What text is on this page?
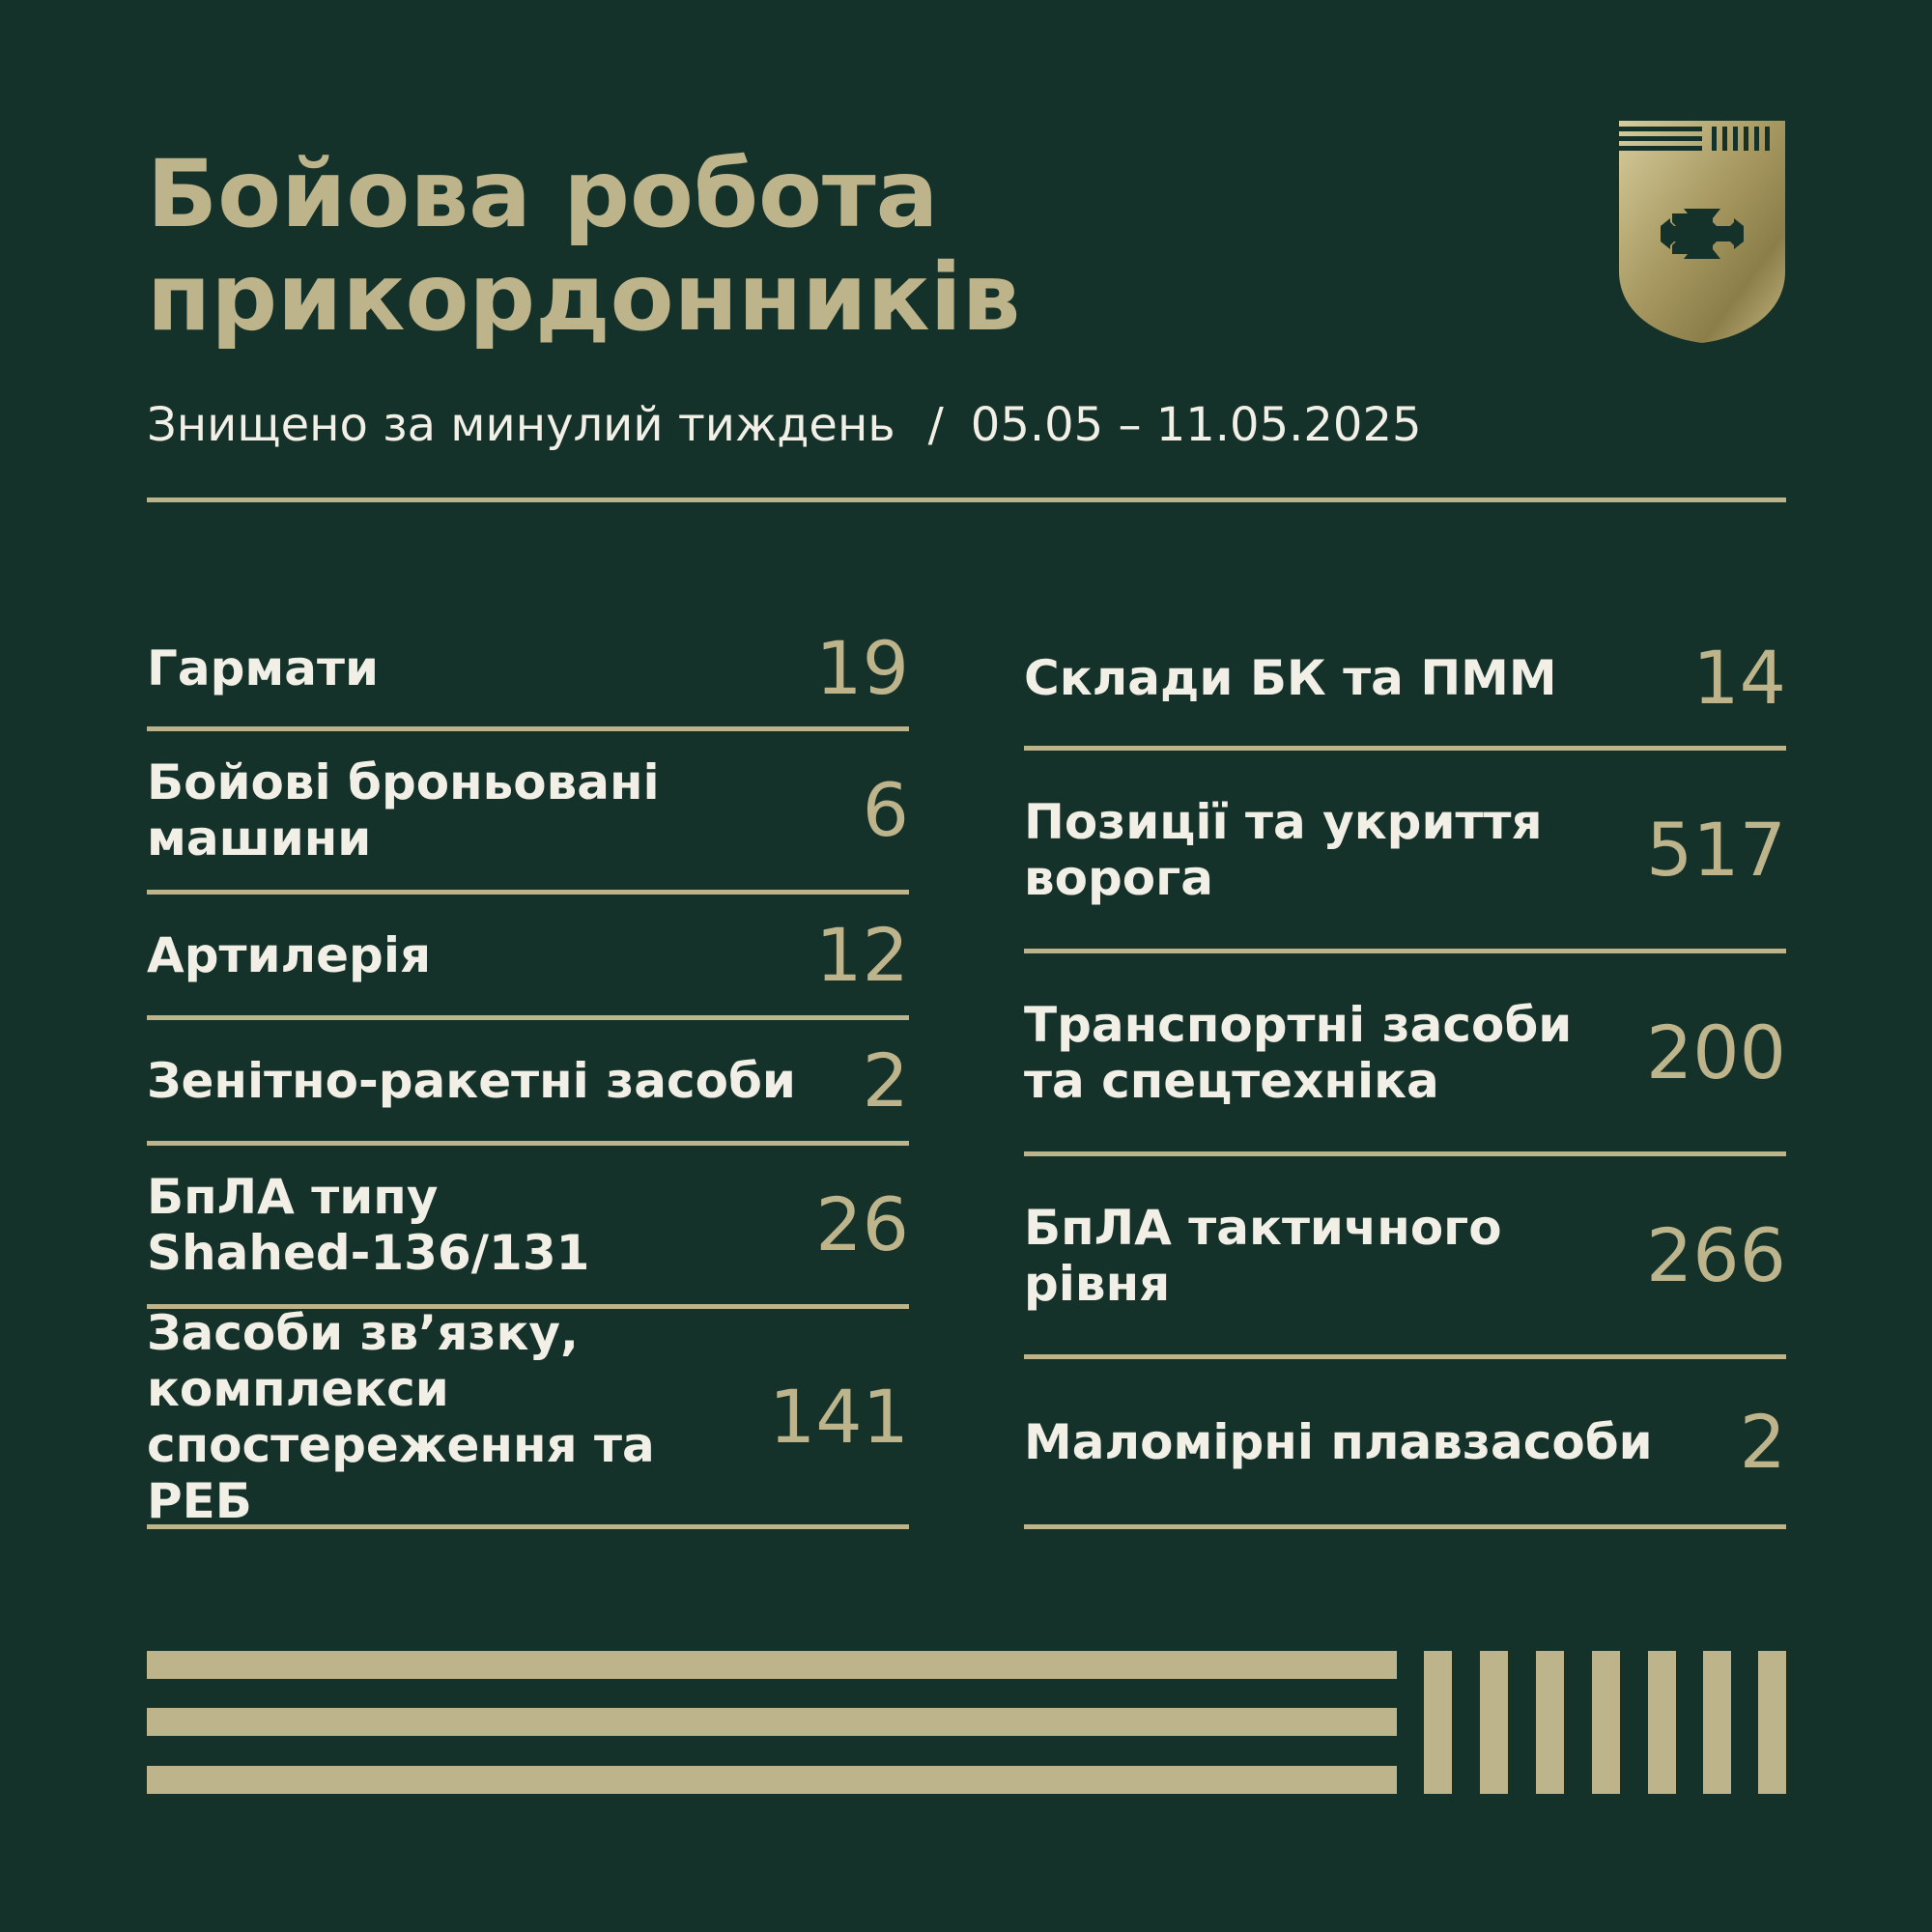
Бойова робота
прикордонників
Знищено за минулий тиждень / 05.05 – 11.05.2025
Гармати	19
Бойові броньовані
машини	6
Артилерія	12
Зенітно-ракетні засоби 2
БпЛА типу
Shahed-136/131	26
Засоби зв’язку,
комплекси
спостереження та РЕБ
141
Склади БК та ПММ 14
Позиції та укриття
ворога	517
Транспортні засоби
та спецтехніка	200
БпЛА тактичного
рівня	266
Маломірні плавзасоби 2
